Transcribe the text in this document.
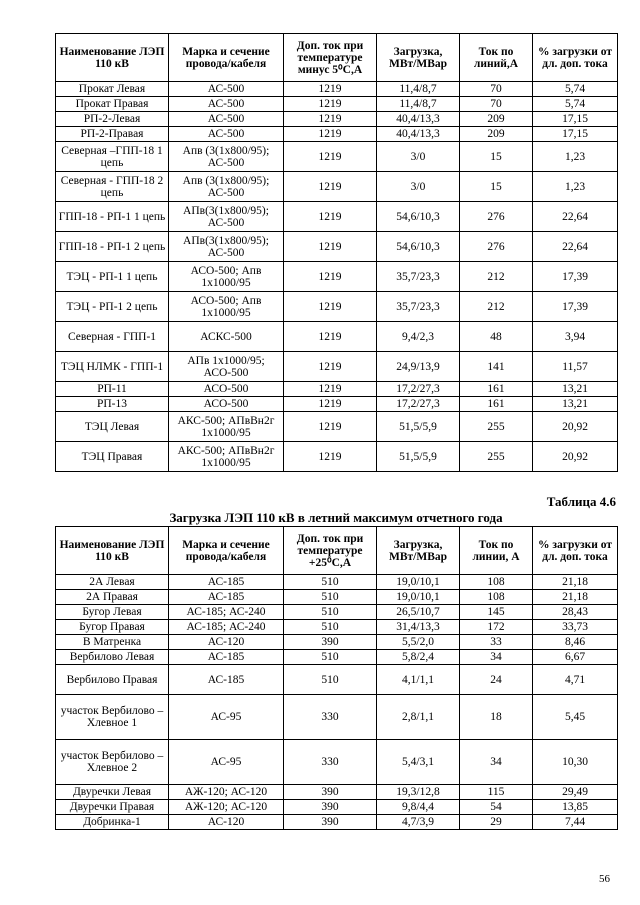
Наименование ЛЭП 110 кВ	Марка и сечение провода/кабеля	Доп. ток при температуре минус 5⁰С,А	Загрузка, МВт/МВар	Ток по линий,А	% загрузки от дл. доп. тока
Прокат Левая	АС-500	1219	11,4/8,7	70	5,74
Прокат Правая	АС-500	1219	11,4/8,7	70	5,74
РП-2-Левая	АС-500	1219	40,4/13,3	209	17,15
РП-2-Правая	АС-500	1219	40,4/13,3	209	17,15
Северная –ГПП-18 1 цепь	Апв (3(1х800/95); АС-500	1219	3/0	15	1,23
Северная - ГПП-18 2 цепь	Апв (3(1х800/95); АС-500	1219	3/0	15	1,23
ГПП-18 - РП-1 1 цепь	АПв(3(1х800/95); АС-500	1219	54,6/10,3	276	22,64
ГПП-18 - РП-1 2 цепь	АПв(3(1х800/95); АС-500	1219	54,6/10,3	276	22,64
ТЭЦ - РП-1 1 цепь	АСО-500; Апв 1х1000/95	1219	35,7/23,3	212	17,39
ТЭЦ - РП-1 2 цепь	АСО-500; Апв 1х1000/95	1219	35,7/23,3	212	17,39
Северная - ГПП-1	АСКС-500	1219	9,4/2,3	48	3,94
ТЭЦ НЛМК - ГПП-1	АПв 1х1000/95; АСО-500	1219	24,9/13,9	141	11,57
РП-11	АСО-500	1219	17,2/27,3	161	13,21
РП-13	АСО-500	1219	17,2/27,3	161	13,21
ТЭЦ Левая	АКС-500; АПвВн2г 1х1000/95	1219	51,5/5,9	255	20,92
ТЭЦ Правая	АКС-500; АПвВн2г 1х1000/95	1219	51,5/5,9	255	20,92
Таблица 4.6
Загрузка ЛЭП 110 кВ в летний максимум отчетного года
Наименование ЛЭП 110 кВ	Марка и сечение провода/кабеля	Доп. ток при температуре +25⁰С,А	Загрузка, МВт/МВар	Ток по линии, А	% загрузки от дл. доп. тока
2А Левая	АС-185	510	19,0/10,1	108	21,18
2А Правая	АС-185	510	19,0/10,1	108	21,18
Бугор Левая	АС-185; АС-240	510	26,5/10,7	145	28,43
Бугор Правая	АС-185; АС-240	510	31,4/13,3	172	33,73
В Матренка	АС-120	390	5,5/2,0	33	8,46
Вербилово Левая	АС-185	510	5,8/2,4	34	6,67
Вербилово Правая	АС-185	510	4,1/1,1	24	4,71
участок Вербилово – Хлевное 1	АС-95	330	2,8/1,1	18	5,45
участок Вербилово – Хлевное 2	АС-95	330	5,4/3,1	34	10,30
Двуречки Левая	АЖ-120; АС-120	390	19,3/12,8	115	29,49
Двуречки Правая	АЖ-120; АС-120	390	9,8/4,4	54	13,85
Добринка-1	АС-120	390	4,7/3,9	29	7,44
56
